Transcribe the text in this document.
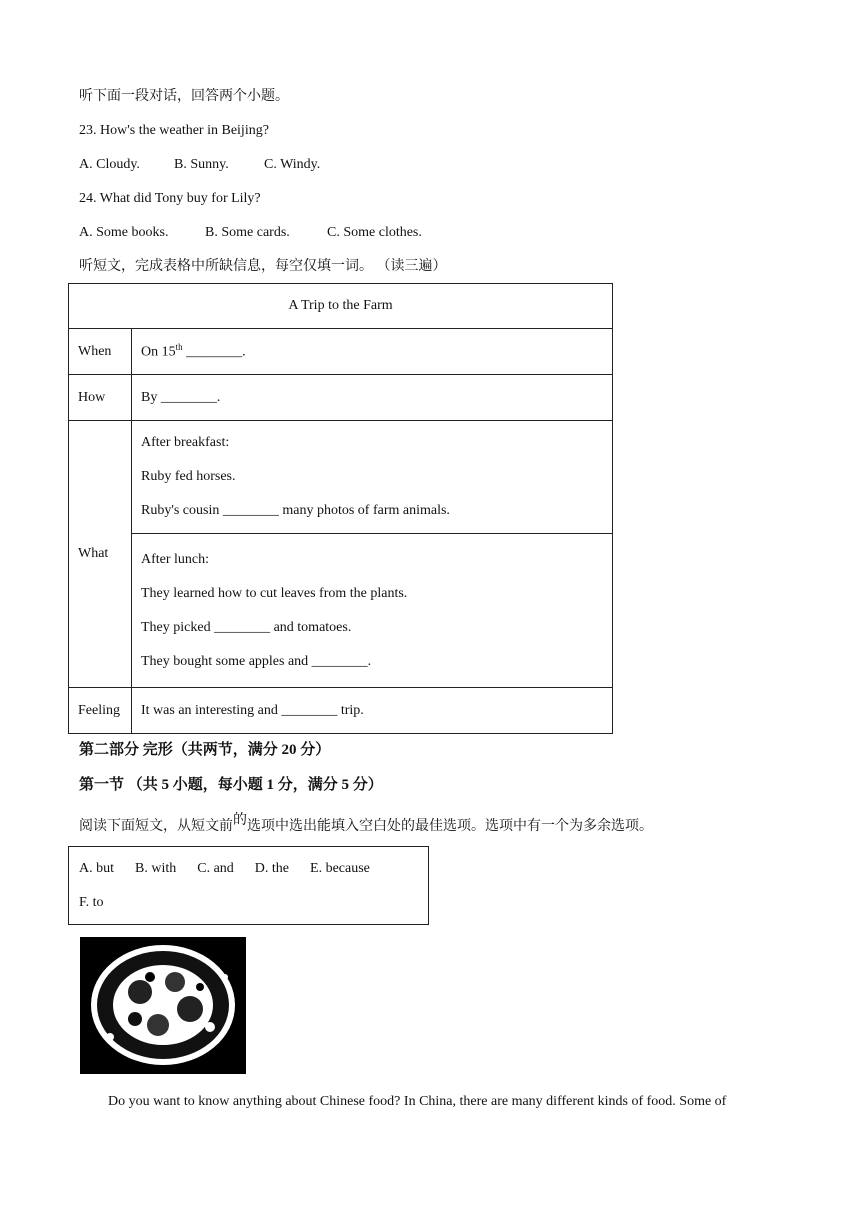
听下面一段对话，回答两个小题。
23. How's the weather in Beijing?
A. Cloudy. B. Sunny.	C. Windy.
24. What did Tony buy for Lily?
A. Some books.	B. Some cards.	C. Some clothes.
听短文，完成表格中所缺信息，每空仅填一词。 （读三遍）
A Trip to the Farm	
When	On 15th ________.
How	By ________.
What	After breakfast:
Ruby fed horses.
Ruby's cousin ________ many photos of farm animals.

	After lunch:
They learned how to cut leaves from the plants.
They picked ________ and tomatoes.
They bought some apples and ________.

Feeling	It was an interesting and ________ trip.
第二部分 完形（共两节，满分 20 分）
第一节 （共 5 小题，每小题 1 分，满分 5 分）
阅读下面短文，从短文前的选项中选出能填入空白处的最佳选项。选项中有一个为多余选项。
A. but B. with C. and D. the E. because
F. to
Do you want to know anything about Chinese food? In China, there are many different kinds of food. Some of
